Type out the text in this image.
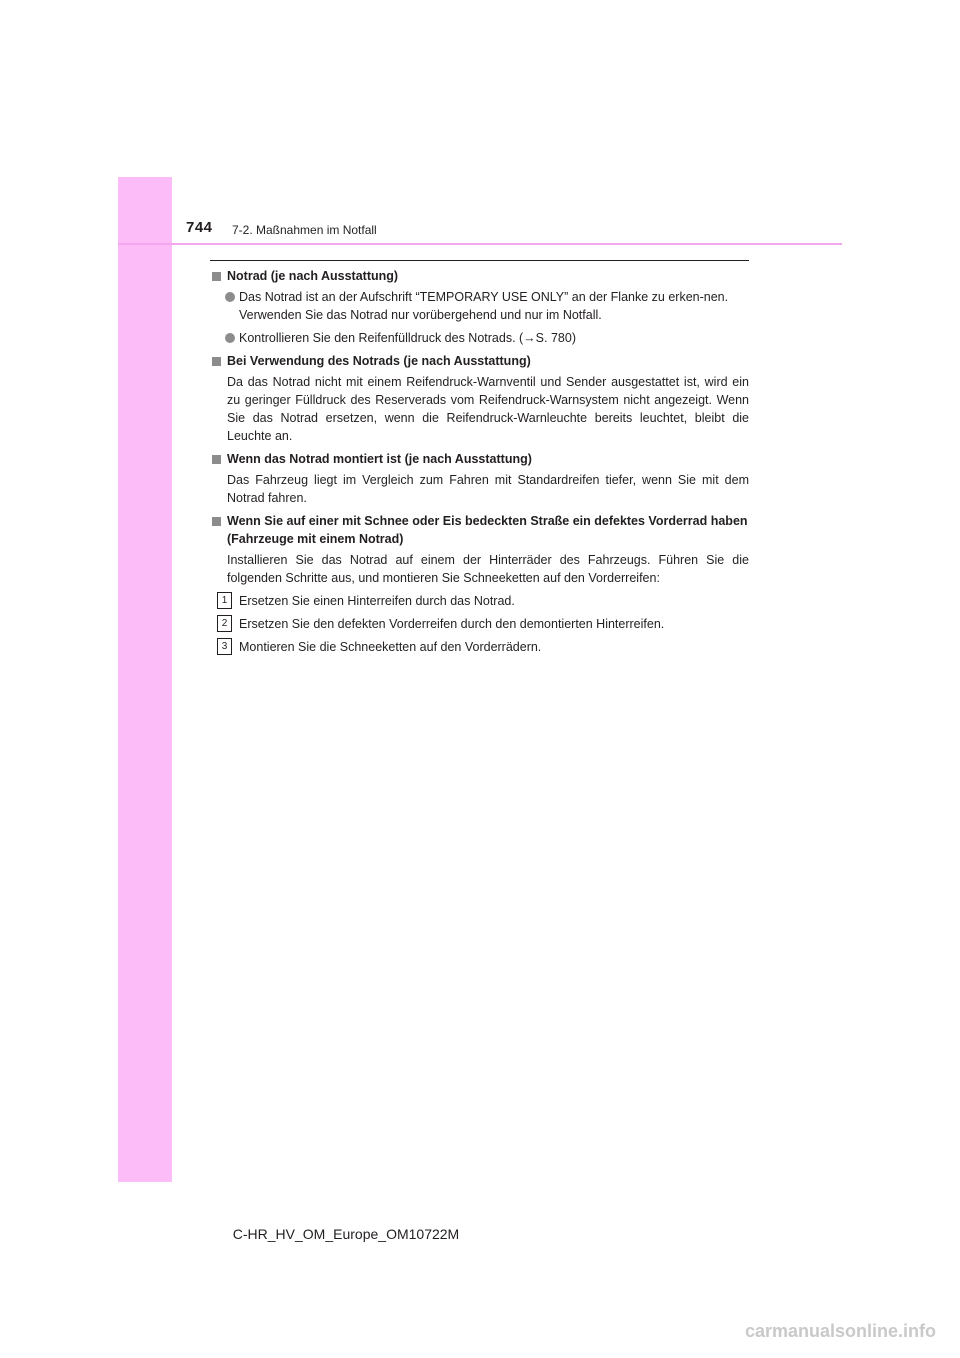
744 7-2. Maßnahmen im Notfall
Notrad (je nach Ausstattung)
Das Notrad ist an der Aufschrift “TEMPORARY USE ONLY” an der Flanke zu erken-nen.
Verwenden Sie das Notrad nur vorübergehend und nur im Notfall.
Kontrollieren Sie den Reifenfülldruck des Notrads. (→S. 780)
Bei Verwendung des Notrads (je nach Ausstattung)
Da das Notrad nicht mit einem Reifendruck-Warnventil und Sender ausgestattet ist, wird ein zu geringer Fülldruck des Reserverads vom Reifendruck-Warnsystem nicht angezeigt. Wenn Sie das Notrad ersetzen, wenn die Reifendruck-Warnleuchte bereits leuchtet, bleibt die Leuchte an.
Wenn das Notrad montiert ist (je nach Ausstattung)
Das Fahrzeug liegt im Vergleich zum Fahren mit Standardreifen tiefer, wenn Sie mit dem Notrad fahren.
Wenn Sie auf einer mit Schnee oder Eis bedeckten Straße ein defektes Vorderrad haben (Fahrzeuge mit einem Notrad)
Installieren Sie das Notrad auf einem der Hinterräder des Fahrzeugs. Führen Sie die folgenden Schritte aus, und montieren Sie Schneeketten auf den Vorderreifen:
1 Ersetzen Sie einen Hinterreifen durch das Notrad.
2 Ersetzen Sie den defekten Vorderreifen durch den demontierten Hinterreifen.
3 Montieren Sie die Schneeketten auf den Vorderrädern.
C-HR_HV_OM_Europe_OM10722M
carmanualsonline.info
